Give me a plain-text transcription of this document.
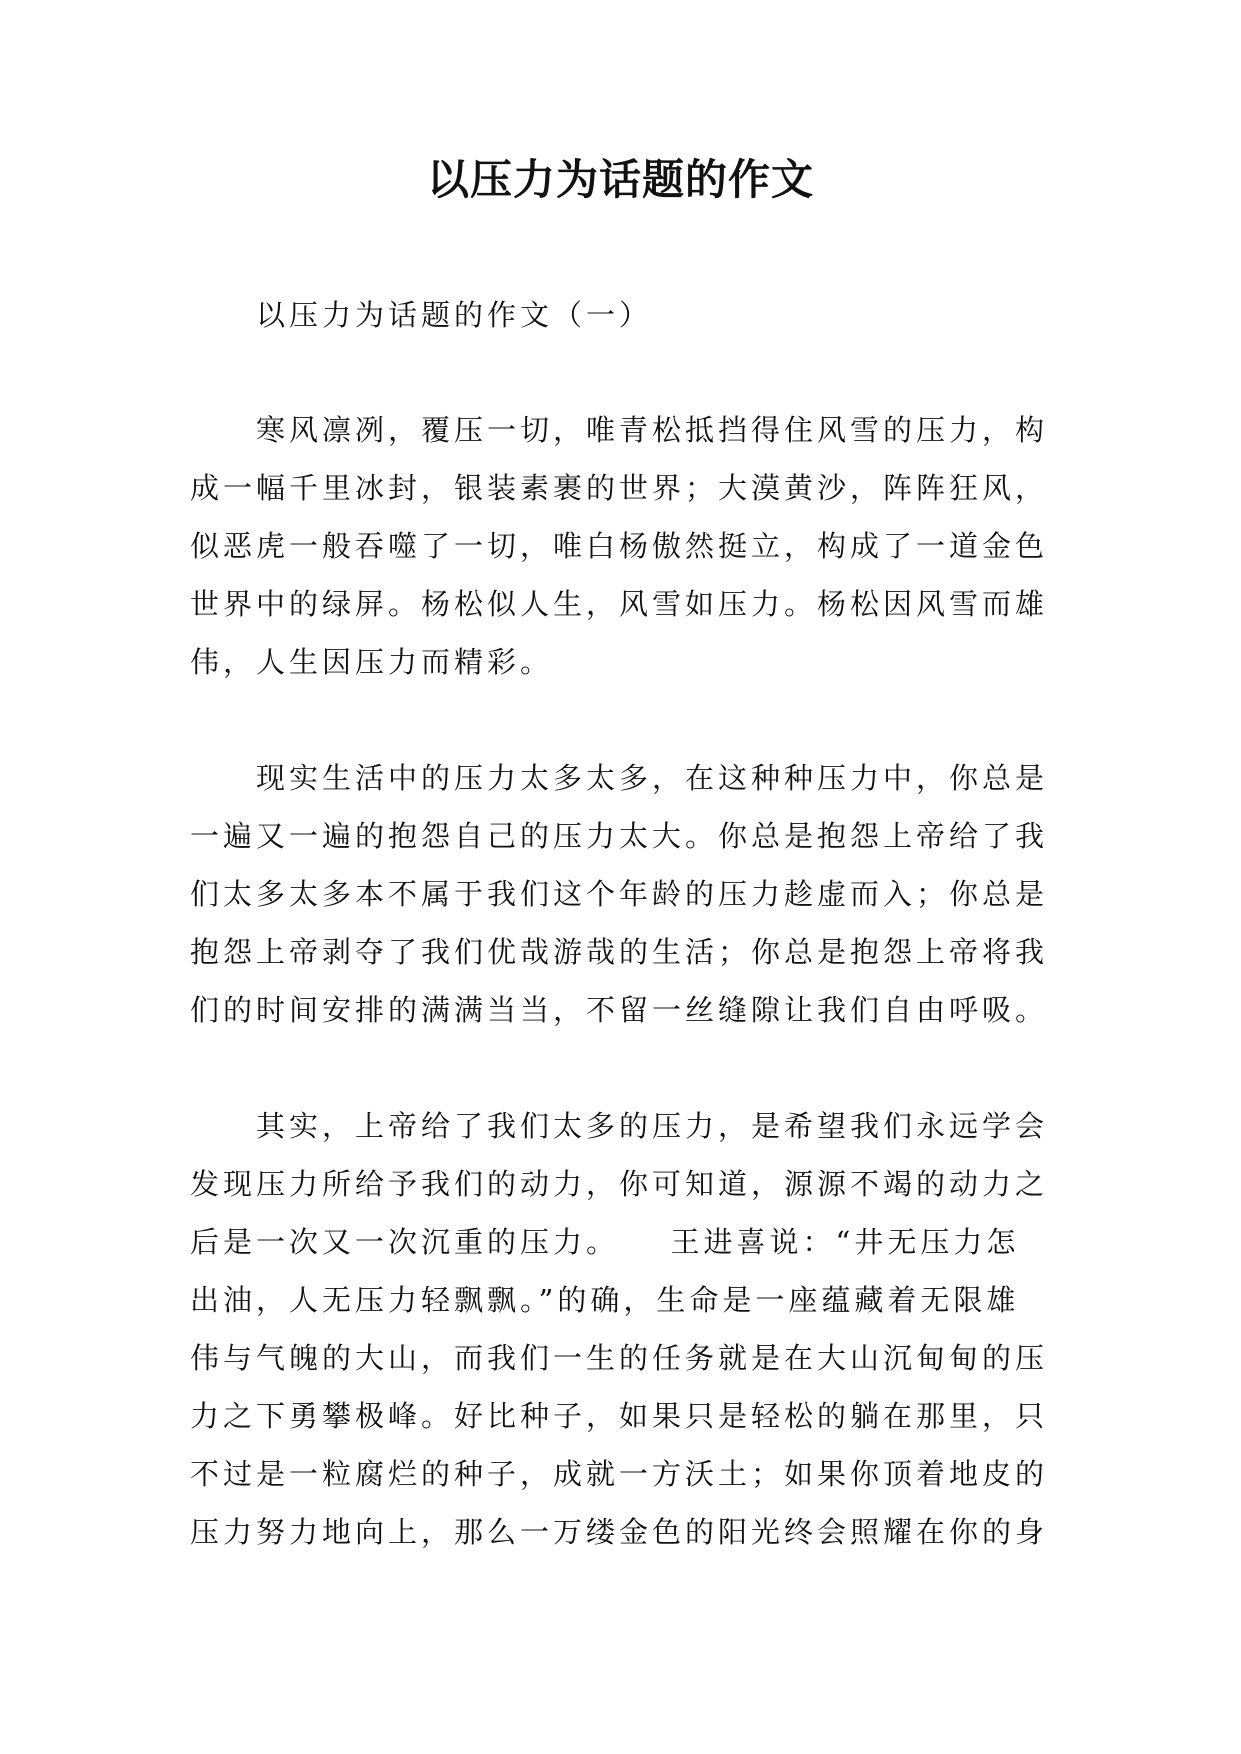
以压力为话题的作文
以压力为话题的作文（一）
寒风凛冽，覆压一切，唯青松抵挡得住风雪的压力，构
成一幅千里冰封，银装素裹的世界；大漠黄沙，阵阵狂风，
似恶虎一般吞噬了一切，唯白杨傲然挺立，构成了一道金色
世界中的绿屏。杨松似人生，风雪如压力。杨松因风雪而雄
伟，人生因压力而精彩。
现实生活中的压力太多太多，在这种种压力中，你总是
一遍又一遍的抱怨自己的压力太大。你总是抱怨上帝给了我
们太多太多本不属于我们这个年龄的压力趁虚而入；你总是
抱怨上帝剥夺了我们优哉游哉的生活；你总是抱怨上帝将我
们的时间安排的满满当当，不留一丝缝隙让我们自由呼吸。
其实，上帝给了我们太多的压力，是希望我们永远学会
发现压力所给予我们的动力，你可知道，源源不竭的动力之
后是一次又一次沉重的压力。　　王进喜说：“井无压力怎
出油，人无压力轻飘飘。”的确，生命是一座蕴藏着无限雄
伟与气魄的大山，而我们一生的任务就是在大山沉甸甸的压
力之下勇攀极峰。好比种子，如果只是轻松的躺在那里，只
不过是一粒腐烂的种子，成就一方沃土；如果你顶着地皮的
压力努力地向上，那么一万缕金色的阳光终会照耀在你的身
